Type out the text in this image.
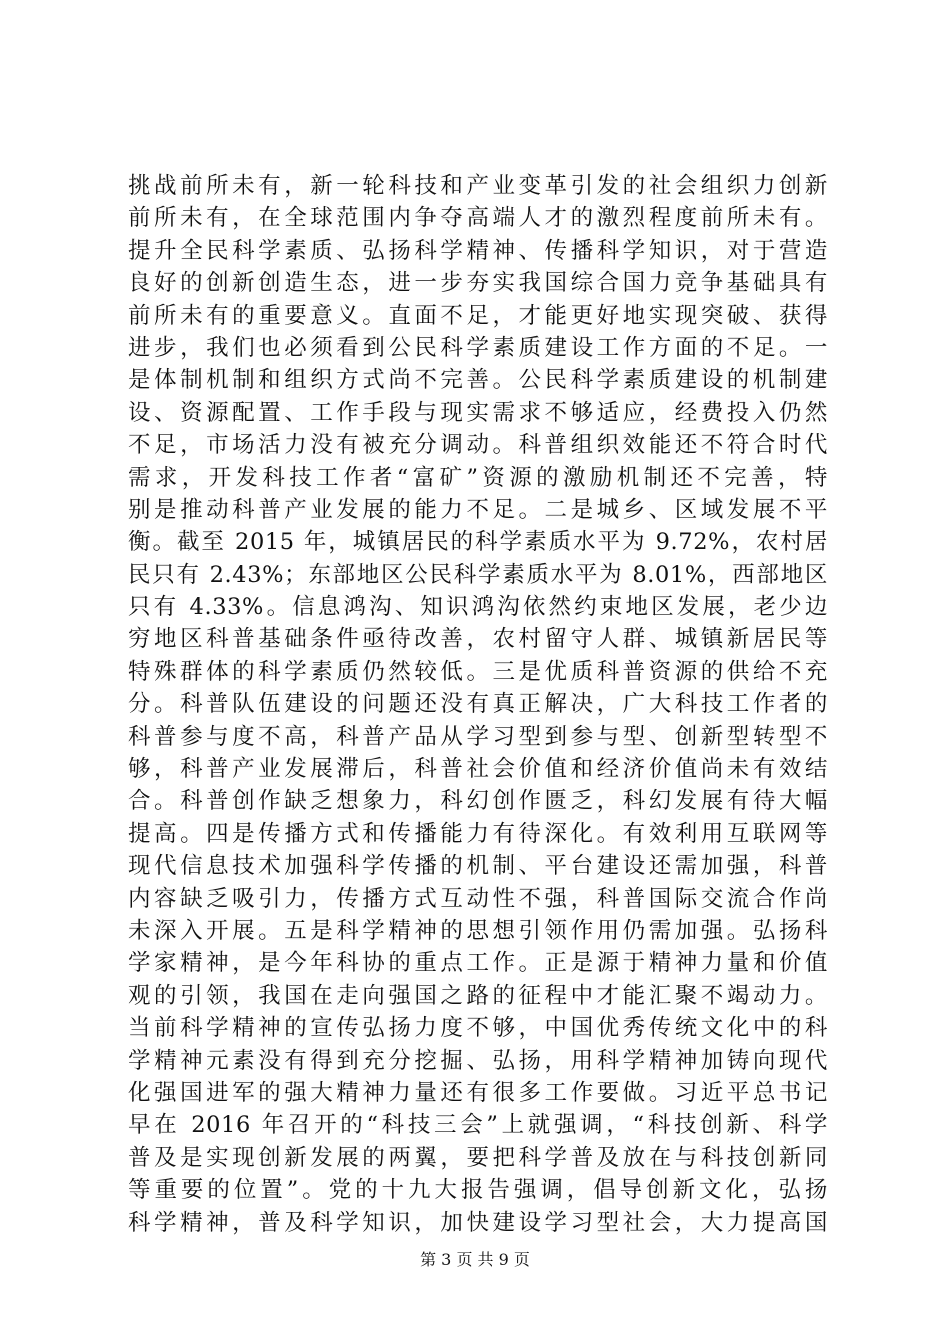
挑战前所未有，新一轮科技和产业变革引发的社会组织力创新
前所未有，在全球范围内争夺高端人才的激烈程度前所未有。
提升全民科学素质、弘扬科学精神、传播科学知识，对于营造
良好的创新创造生态，进一步夯实我国综合国力竞争基础具有
前所未有的重要意义。直面不足，才能更好地实现突破、获得
进步，我们也必须看到公民科学素质建设工作方面的不足。一
是体制机制和组织方式尚不完善。公民科学素质建设的机制建
设、资源配置、工作手段与现实需求不够适应，经费投入仍然
不足，市场活力没有被充分调动。科普组织效能还不符合时代
需求，开发科技工作者“富矿”资源的激励机制还不完善，特
别是推动科普产业发展的能力不足。二是城乡、区域发展不平
衡。截至 2015 年，城镇居民的科学素质水平为 9.72%，农村居
民只有 2.43%；东部地区公民科学素质水平为 8.01%，西部地区
只有 4.33%。信息鸿沟、知识鸿沟依然约束地区发展，老少边
穷地区科普基础条件亟待改善，农村留守人群、城镇新居民等
特殊群体的科学素质仍然较低。三是优质科普资源的供给不充
分。科普队伍建设的问题还没有真正解决，广大科技工作者的
科普参与度不高，科普产品从学习型到参与型、创新型转型不
够，科普产业发展滞后，科普社会价值和经济价值尚未有效结
合。科普创作缺乏想象力，科幻创作匮乏，科幻发展有待大幅
提高。四是传播方式和传播能力有待深化。有效利用互联网等
现代信息技术加强科学传播的机制、平台建设还需加强，科普
内容缺乏吸引力，传播方式互动性不强，科普国际交流合作尚
未深入开展。五是科学精神的思想引领作用仍需加强。弘扬科
学家精神，是今年科协的重点工作。正是源于精神力量和价值
观的引领，我国在走向强国之路的征程中才能汇聚不竭动力。
当前科学精神的宣传弘扬力度不够，中国优秀传统文化中的科
学精神元素没有得到充分挖掘、弘扬，用科学精神加铸向现代
化强国进军的强大精神力量还有很多工作要做。习近平总书记
早在 2016 年召开的“科技三会”上就强调，“科技创新、科学
普及是实现创新发展的两翼，要把科学普及放在与科技创新同
等重要的位置”。党的十九大报告强调，倡导创新文化，弘扬
科学精神，普及科学知识，加快建设学习型社会，大力提高国
第 3 页 共 9 页
